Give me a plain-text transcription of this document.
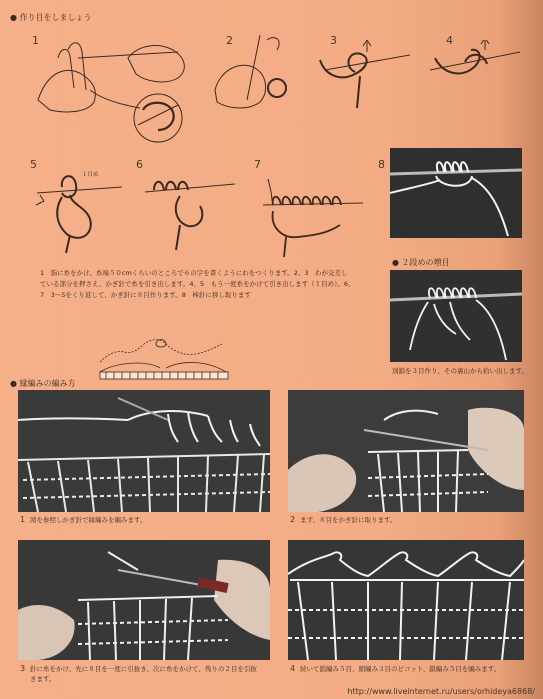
● 作り目をしましょう
1	2	3	4
5	6	7	8
１目め
1　指に糸をかけ、糸端５０cmくらいのところで６の字を書くようにわをつくります。2、3　わが交差し
ている部分を押さえ、かぎ針で糸を引き出します。4、5　もう一度糸をかけて引き出します（１目め）。6、
7　3～5をくり返して、かぎ針に８目作ります。8　棒針に移し取ります
● ２段めの増目
別鎖を３目作り、その裏山から拾い出します。
● 縁編みの編み方
1 図を参照しかぎ針で縁編みを編みます。	2 まず、８目をかぎ針に取ります。
3 針に糸をかけ、先に８目を一度に引抜き、次に糸をかけて、残りの２目を引抜
きます。
4 続いて鎖編み５目、細編み３目のピコット、鎖編み５目を編みます。
http://www.liveinternet.ru/users/orhideya6868/
